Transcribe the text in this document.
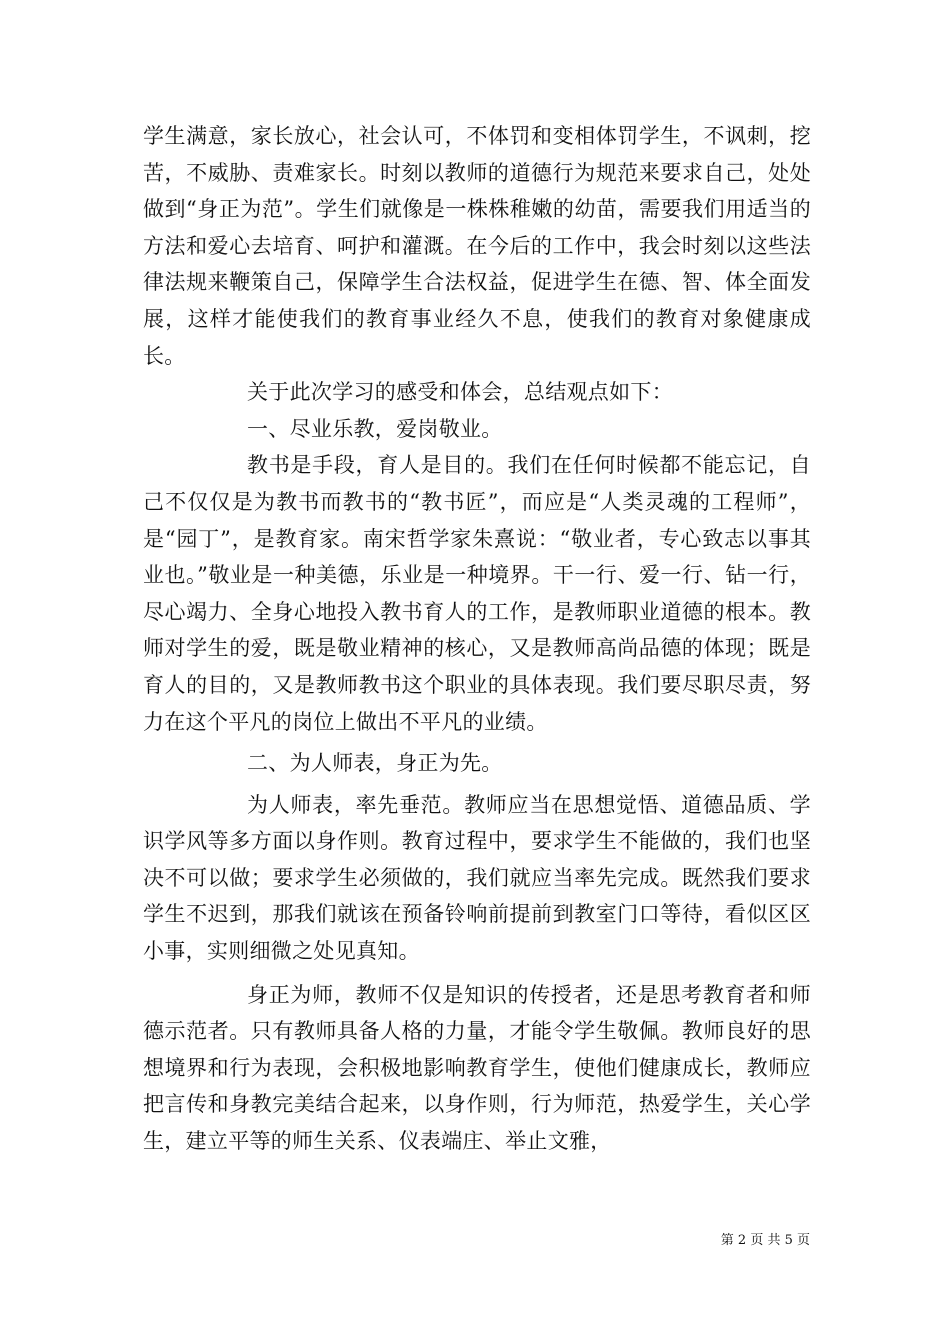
学生满意，家长放心，社会认可，不体罚和变相体罚学生，不讽刺，挖苦，不威胁、责难家长。时刻以教师的道德行为规范来要求自己，处处做到“身正为范”。学生们就像是一株株稚嫩的幼苗，需要我们用适当的方法和爱心去培育、呵护和灌溉。在今后的工作中，我会时刻以这些法律法规来鞭策自己，保障学生合法权益，促进学生在德、智、体全面发展，这样才能使我们的教育事业经久不息，使我们的教育对象健康成长。

关于此次学习的感受和体会，总结观点如下：

一、尽业乐教，爱岗敬业。

教书是手段，育人是目的。我们在任何时候都不能忘记，自己不仅仅是为教书而教书的“教书匠”，而应是“人类灵魂的工程师”，是“园丁”，是教育家。南宋哲学家朱熹说：“敬业者，专心致志以事其业也。”敬业是一种美德，乐业是一种境界。干一行、爱一行、钻一行，尽心竭力、全身心地投入教书育人的工作，是教师职业道德的根本。教师对学生的爱，既是敬业精神的核心，又是教师高尚品德的体现；既是育人的目的，又是教师教书这个职业的具体表现。我们要尽职尽责，努力在这个平凡的岗位上做出不平凡的业绩。

二、为人师表，身正为先。

为人师表，率先垂范。教师应当在思想觉悟、道德品质、学识学风等多方面以身作则。教育过程中，要求学生不能做的，我们也坚决不可以做；要求学生必须做的，我们就应当率先完成。既然我们要求学生不迟到，那我们就该在预备铃响前提前到教室门口等待，看似区区小事，实则细微之处见真知。

身正为师，教师不仅是知识的传授者，还是思考教育者和师德示范者。只有教师具备人格的力量，才能令学生敬佩。教师良好的思想境界和行为表现，会积极地影响教育学生，使他们健康成长，教师应把言传和身教完美结合起来，以身作则，行为师范，热爱学生，关心学生，建立平等的师生关系、仪表端庄、举止文雅，

第 2 页 共 5 页
